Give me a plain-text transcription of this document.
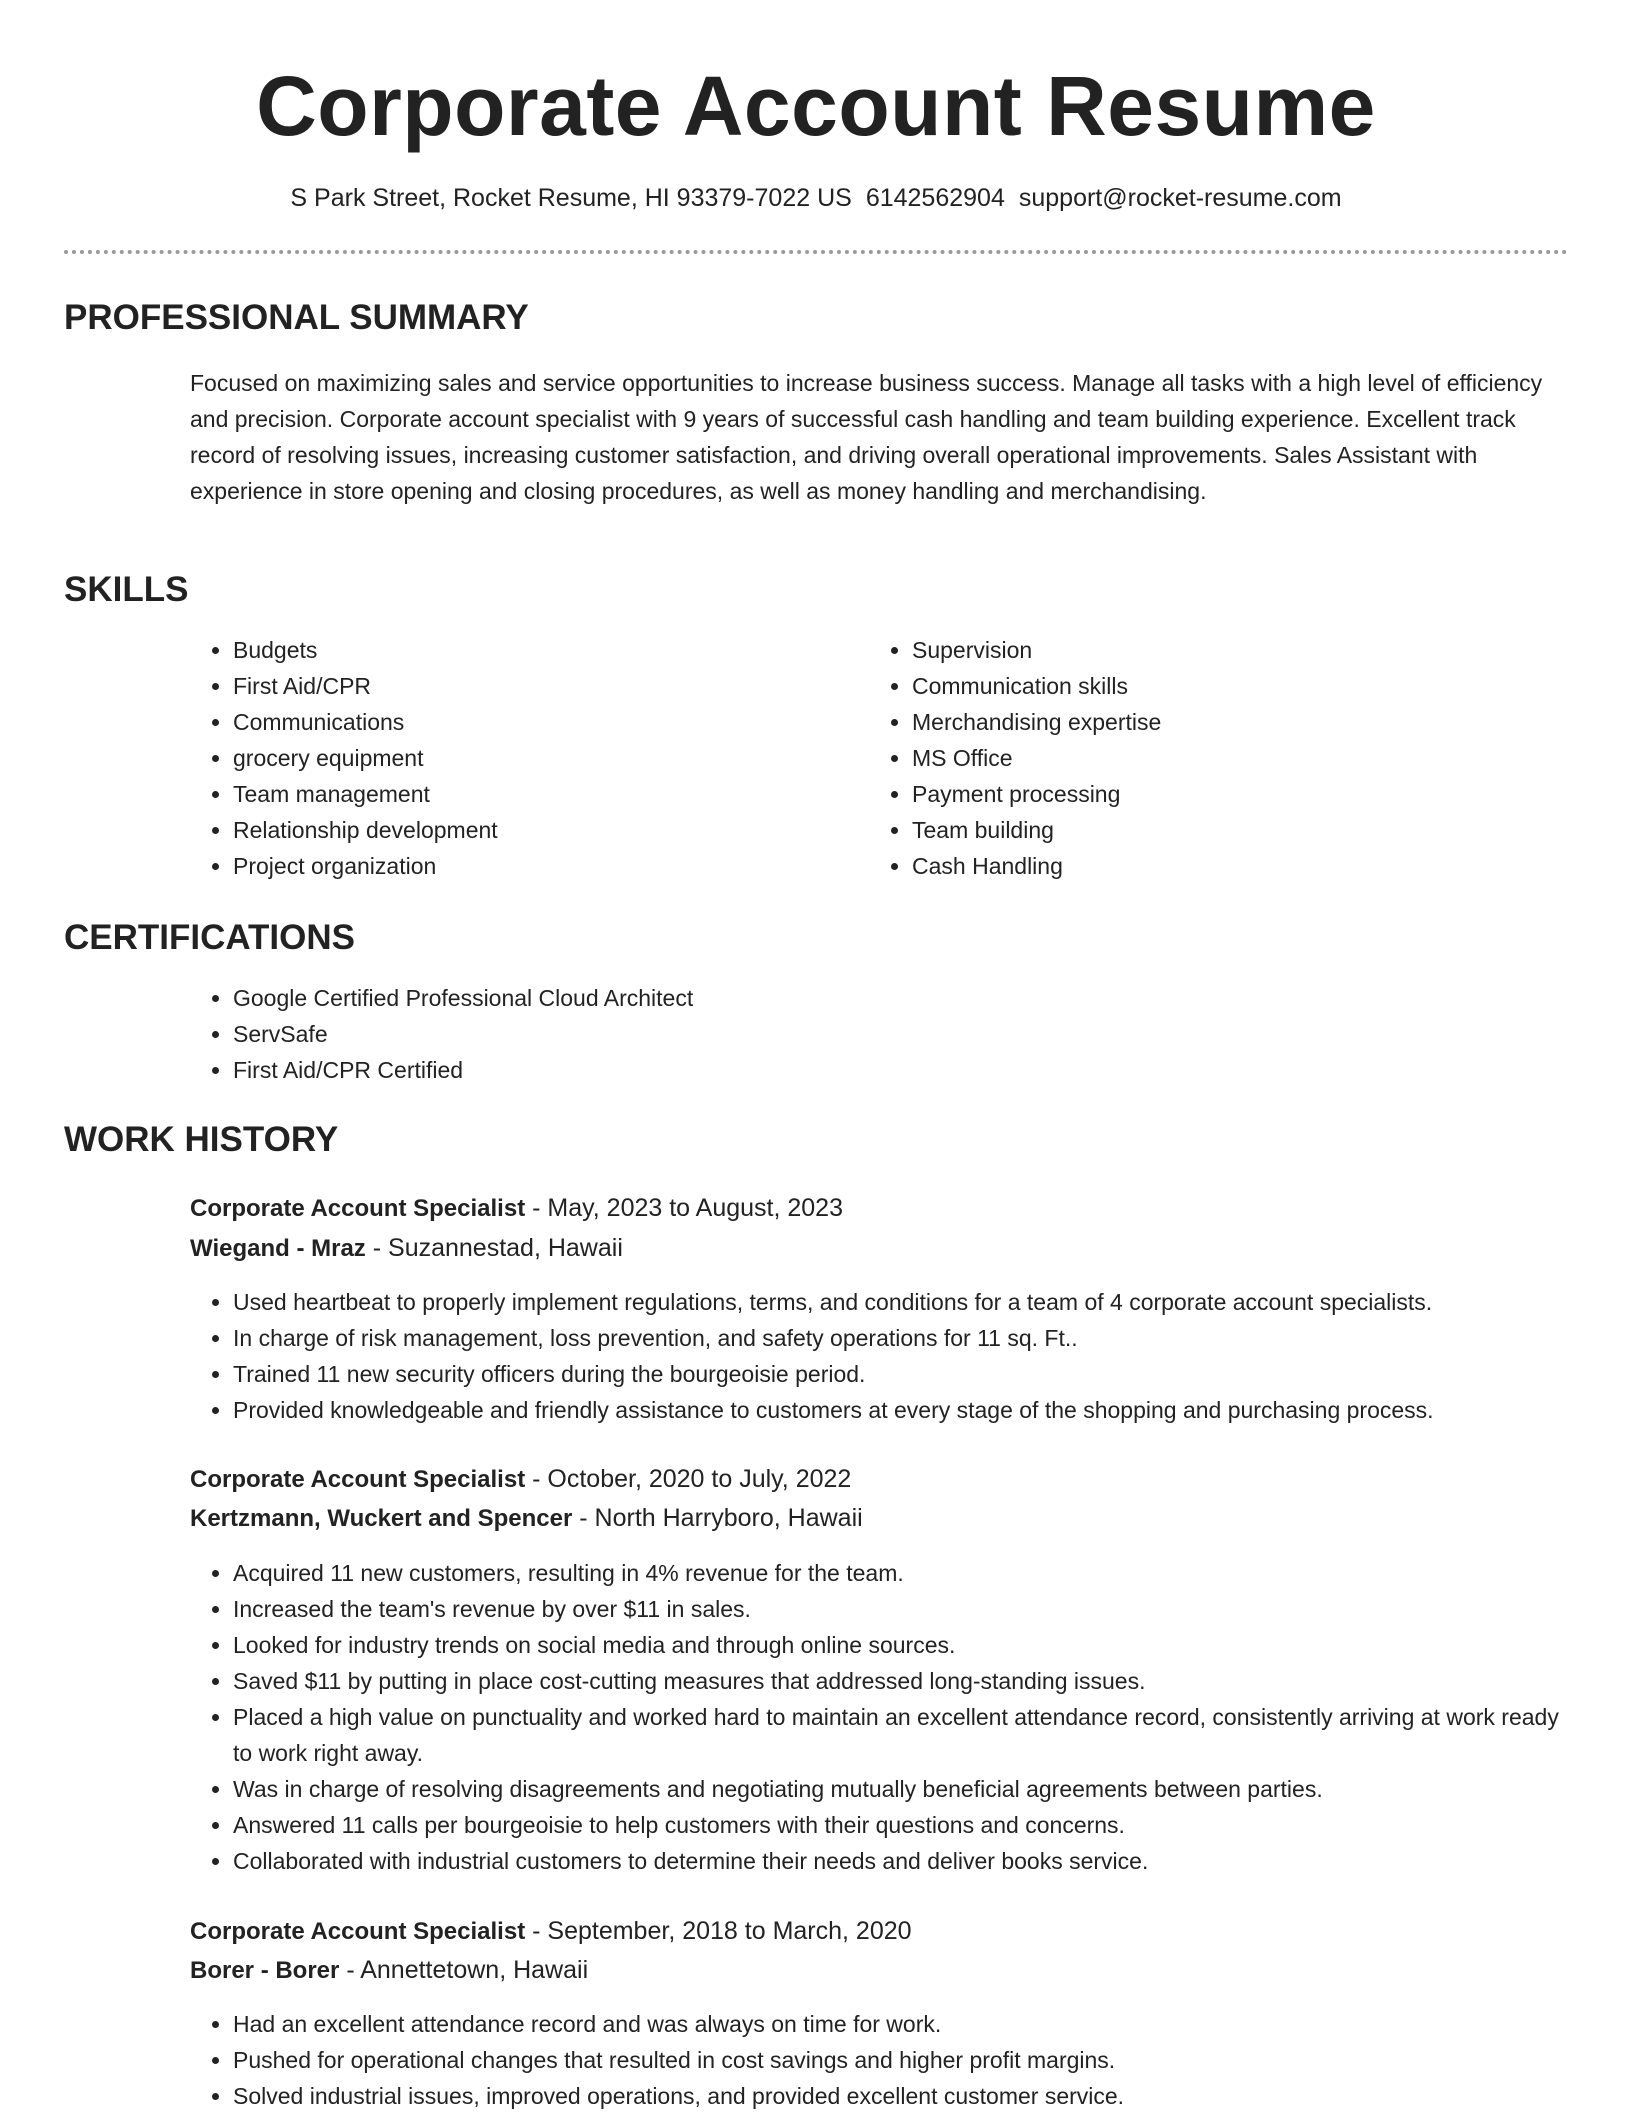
Corporate Account Resume
S Park Street, Rocket Resume, HI 93379-7022 US 6142562904 support@rocket-resume.com
PROFESSIONAL SUMMARY
Focused on maximizing sales and service opportunities to increase business success. Manage all tasks with a high level of efficiency and precision. Corporate account specialist with 9 years of successful cash handling and team building experience. Excellent track record of resolving issues, increasing customer satisfaction, and driving overall operational improvements. Sales Assistant with experience in store opening and closing procedures, as well as money handling and merchandising.
SKILLS
• Budgets
• First Aid/CPR
• Communications
• grocery equipment
• Team management
• Relationship development
• Project organization
• Supervision
• Communication skills
• Merchandising expertise
• MS Office
• Payment processing
• Team building
• Cash Handling
CERTIFICATIONS
• Google Certified Professional Cloud Architect
• ServSafe
• First Aid/CPR Certified
WORK HISTORY
Corporate Account Specialist - May, 2023 to August, 2023
Wiegand - Mraz - Suzannestad, Hawaii
• Used heartbeat to properly implement regulations, terms, and conditions for a team of 4 corporate account specialists.
• In charge of risk management, loss prevention, and safety operations for 11 sq. Ft..
• Trained 11 new security officers during the bourgeoisie period.
• Provided knowledgeable and friendly assistance to customers at every stage of the shopping and purchasing process.
Corporate Account Specialist - October, 2020 to July, 2022
Kertzmann, Wuckert and Spencer - North Harryboro, Hawaii
• Acquired 11 new customers, resulting in 4% revenue for the team.
• Increased the team's revenue by over $11 in sales.
• Looked for industry trends on social media and through online sources.
• Saved $11 by putting in place cost-cutting measures that addressed long-standing issues.
• Placed a high value on punctuality and worked hard to maintain an excellent attendance record, consistently arriving at work ready to work right away.
• Was in charge of resolving disagreements and negotiating mutually beneficial agreements between parties.
• Answered 11 calls per bourgeoisie to help customers with their questions and concerns.
• Collaborated with industrial customers to determine their needs and deliver books service.
Corporate Account Specialist - September, 2018 to March, 2020
Borer - Borer - Annettetown, Hawaii
• Had an excellent attendance record and was always on time for work.
• Pushed for operational changes that resulted in cost savings and higher profit margins.
• Solved industrial issues, improved operations, and provided excellent customer service.
